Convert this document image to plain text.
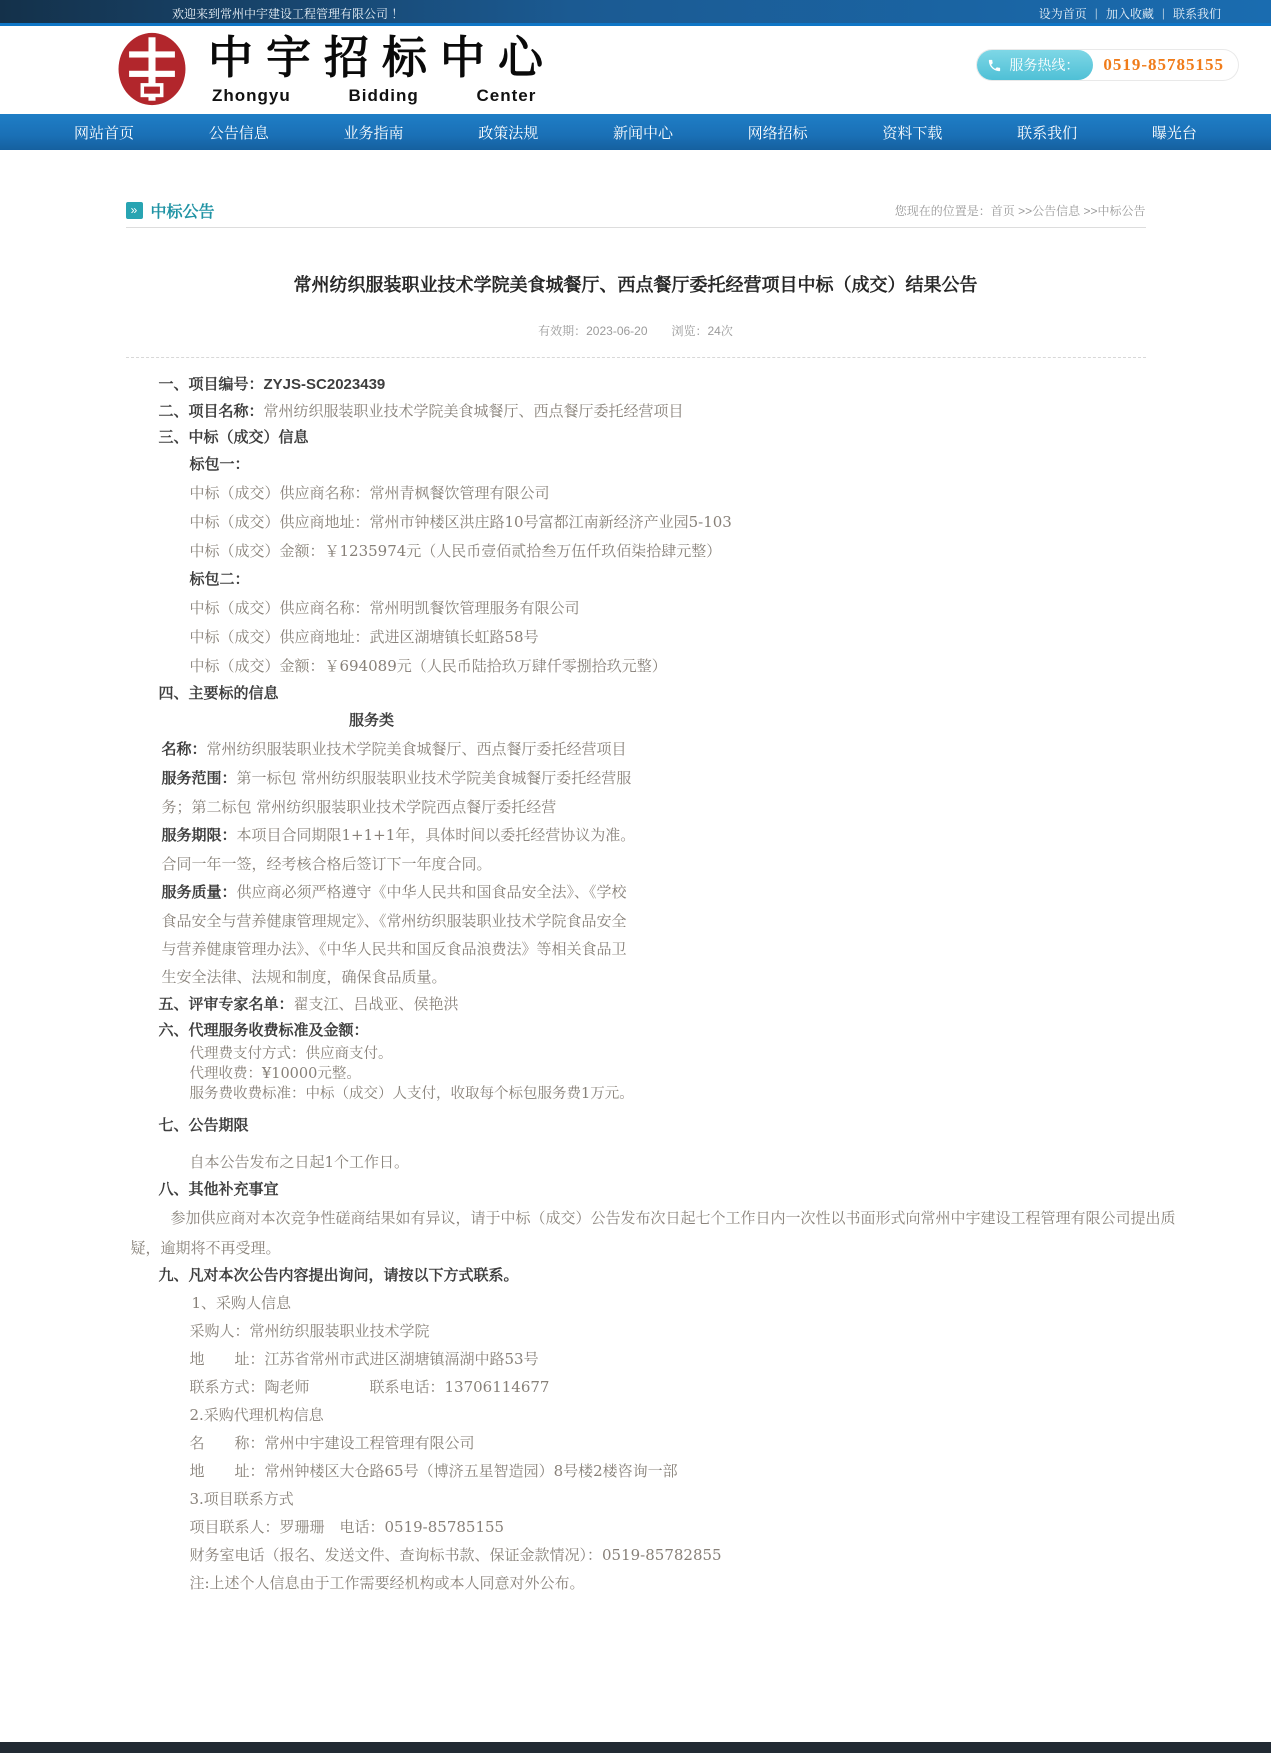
欢迎来到常州中宇建设工程管理有限公司 ！	设为首页 | 加入收藏 | 联系我们
中宇招标中心
Zhongyu Bidding Center
服务热线：	0519-85785155
网站首页	公告信息	业务指南	政策法规	新闻中心	网络招标	资料下载	联系我们	曝光台
» 中标公告	您现在的位置是：首页 >>公告信息 >>中标公告
常州纺织服装职业技术学院美食城餐厅、西点餐厅委托经营项目中标（成交）结果公告
有效期：2023-06-20　　浏览：24次

一、项目编号：ZYJS-SC2023439

二、项目名称：常州纺织服装职业技术学院美食城餐厅、西点餐厅委托经营项目

三、中标（成交）信息

标包一：

中标（成交）供应商名称：常州青枫餐饮管理有限公司

中标（成交）供应商地址：常州市钟楼区洪庄路10号富都江南新经济产业园5-103

中标（成交）金额：￥1235974元（人民币壹佰贰拾叁万伍仟玖佰柒拾肆元整）

标包二：

中标（成交）供应商名称：常州明凯餐饮管理服务有限公司

中标（成交）供应商地址：武进区湖塘镇长虹路58号

中标（成交）金额：￥694089元（人民币陆拾玖万肆仟零捌拾玖元整）

四、主要标的信息

服务类

名称：常州纺织服装职业技术学院美食城餐厅、西点餐厅委托经营项目

服务范围：第一标包 常州纺织服装职业技术学院美食城餐厅委托经营服务；第二标包 常州纺织服装职业技术学院西点餐厅委托经营

服务期限：本项目合同期限1+1+1年，具体时间以委托经营协议为准。合同一年一签，经考核合格后签订下一年度合同。

服务质量：供应商必须严格遵守《中华人民共和国食品安全法》、《学校食品安全与营养健康管理规定》、《常州纺织服装职业技术学院食品安全与营养健康管理办法》、《中华人民共和国反食品浪费法》等相关食品卫生安全法律、法规和制度，确保食品质量。

五、评审专家名单：翟支江、吕战亚、侯艳洪

六、代理服务收费标准及金额：

代理费支付方式：供应商支付。

代理收费：¥10000元整。

服务费收费标准：中标（成交）人支付，收取每个标包服务费1万元。

七、公告期限

自本公告发布之日起1个工作日。

八、其他补充事宜

参加供应商对本次竞争性磋商结果如有异议，请于中标（成交）公告发布次日起七个工作日内一次性以书面形式向常州中宇建设工程管理有限公司提出质疑，逾期将不再受理。

九、凡对本次公告内容提出询问，请按以下方式联系。

1、采购人信息

采购人：常州纺织服装职业技术学院

地　　址：江苏省常州市武进区湖塘镇滆湖中路53号

联系方式：陶老师　　　　联系电话：13706114677

2.采购代理机构信息

名　　称：常州中宇建设工程管理有限公司

地　　址：常州钟楼区大仓路65号（博济五星智造园）8号楼2楼咨询一部

3.项目联系方式

项目联系人：罗珊珊　电话：0519-85785155

财务室电话（报名、发送文件、查询标书款、保证金款情况）：0519-85782855

注:上述个人信息由于工作需要经机构或本人同意对外公布。
